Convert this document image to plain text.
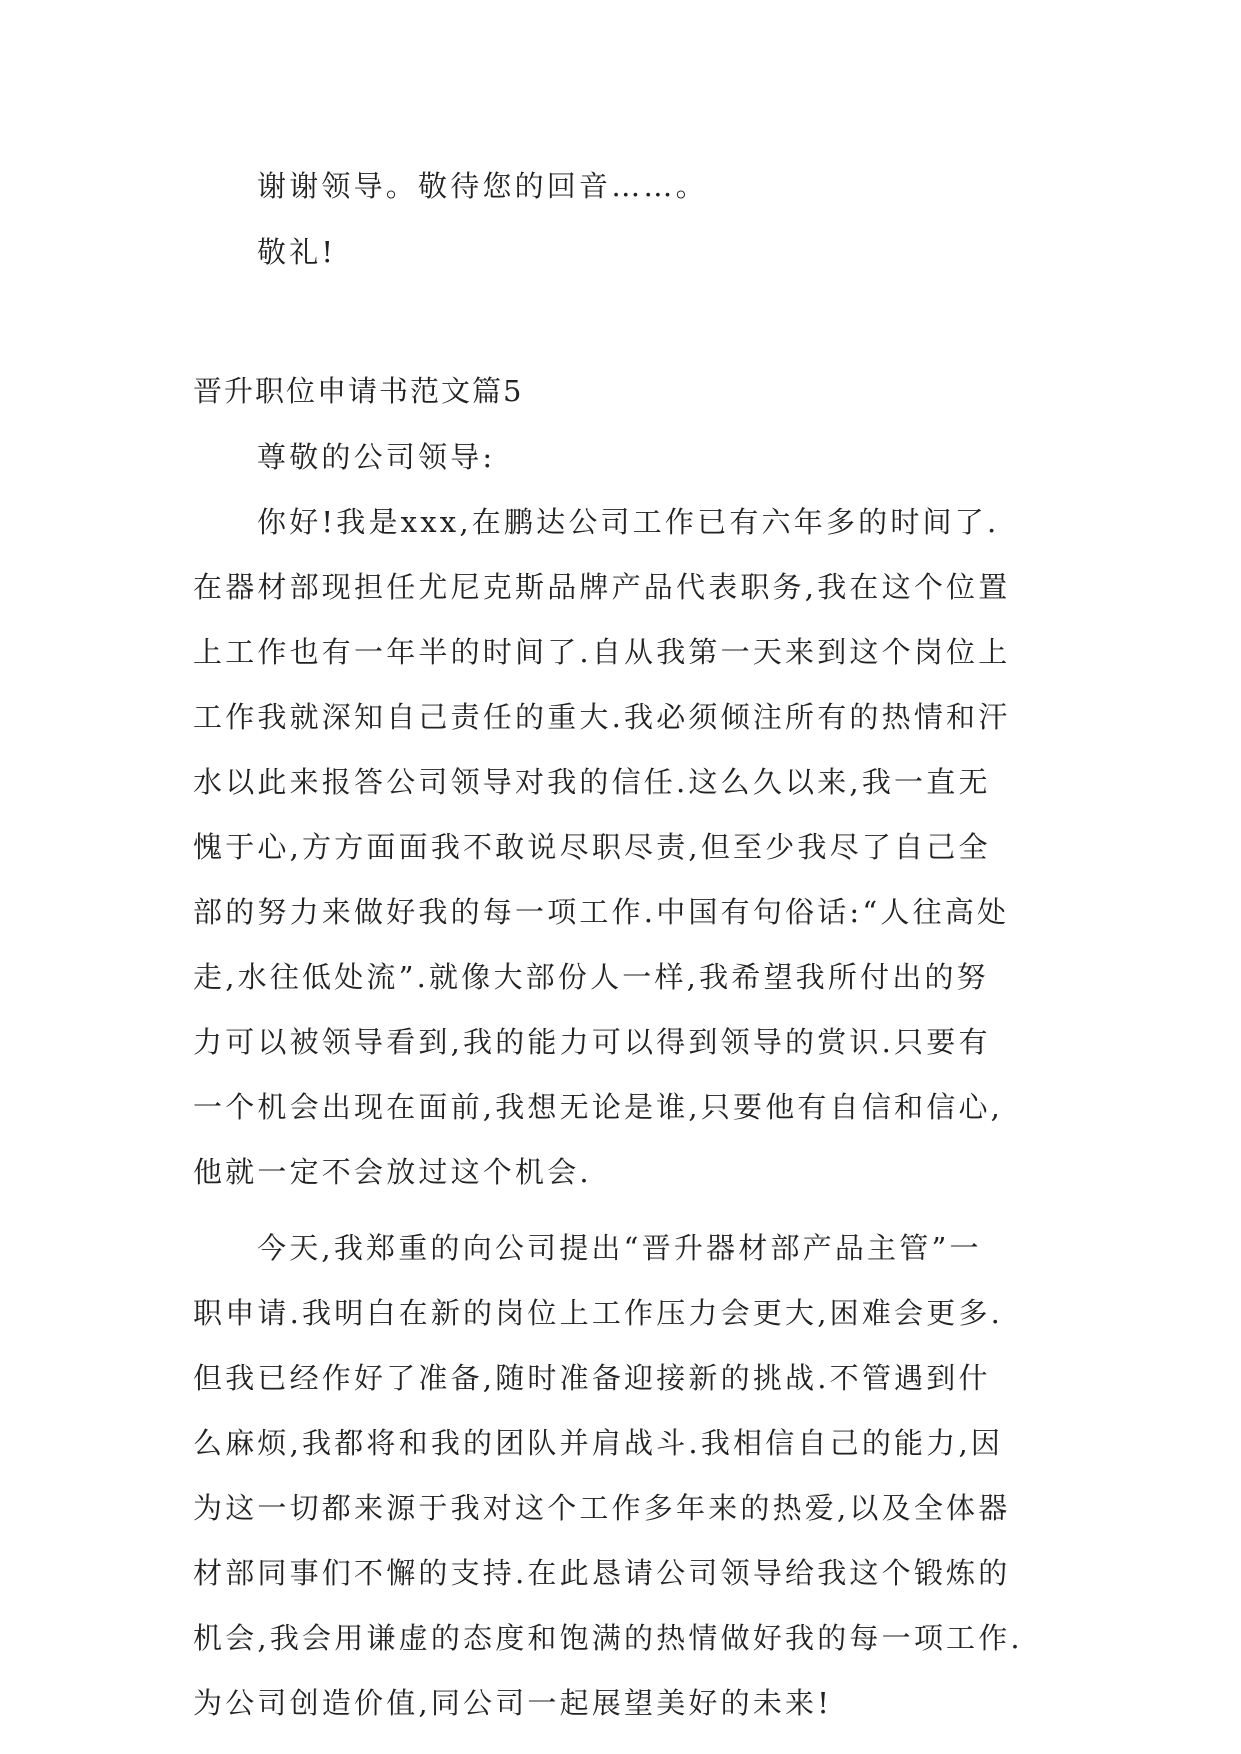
谢谢领导。敬待您的回音……。
敬礼!
晋升职位申请书范文篇5
尊敬的公司领导:
你好!我是xxx,在鹏达公司工作已有六年多的时间了.
在器材部现担任尤尼克斯品牌产品代表职务,我在这个位置
上工作也有一年半的时间了.自从我第一天来到这个岗位上
工作我就深知自己责任的重大.我必须倾注所有的热情和汗
水以此来报答公司领导对我的信任.这么久以来,我一直无
愧于心,方方面面我不敢说尽职尽责,但至少我尽了自己全
部的努力来做好我的每一项工作.中国有句俗话:“人往高处
走,水往低处流”.就像大部份人一样,我希望我所付出的努
力可以被领导看到,我的能力可以得到领导的赏识.只要有
一个机会出现在面前,我想无论是谁,只要他有自信和信心,
他就一定不会放过这个机会.
今天,我郑重的向公司提出“晋升器材部产品主管”一
职申请.我明白在新的岗位上工作压力会更大,困难会更多.
但我已经作好了准备,随时准备迎接新的挑战.不管遇到什
么麻烦,我都将和我的团队并肩战斗.我相信自己的能力,因
为这一切都来源于我对这个工作多年来的热爱,以及全体器
材部同事们不懈的支持.在此恳请公司领导给我这个锻炼的
机会,我会用谦虚的态度和饱满的热情做好我的每一项工作.
为公司创造价值,同公司一起展望美好的未来!
